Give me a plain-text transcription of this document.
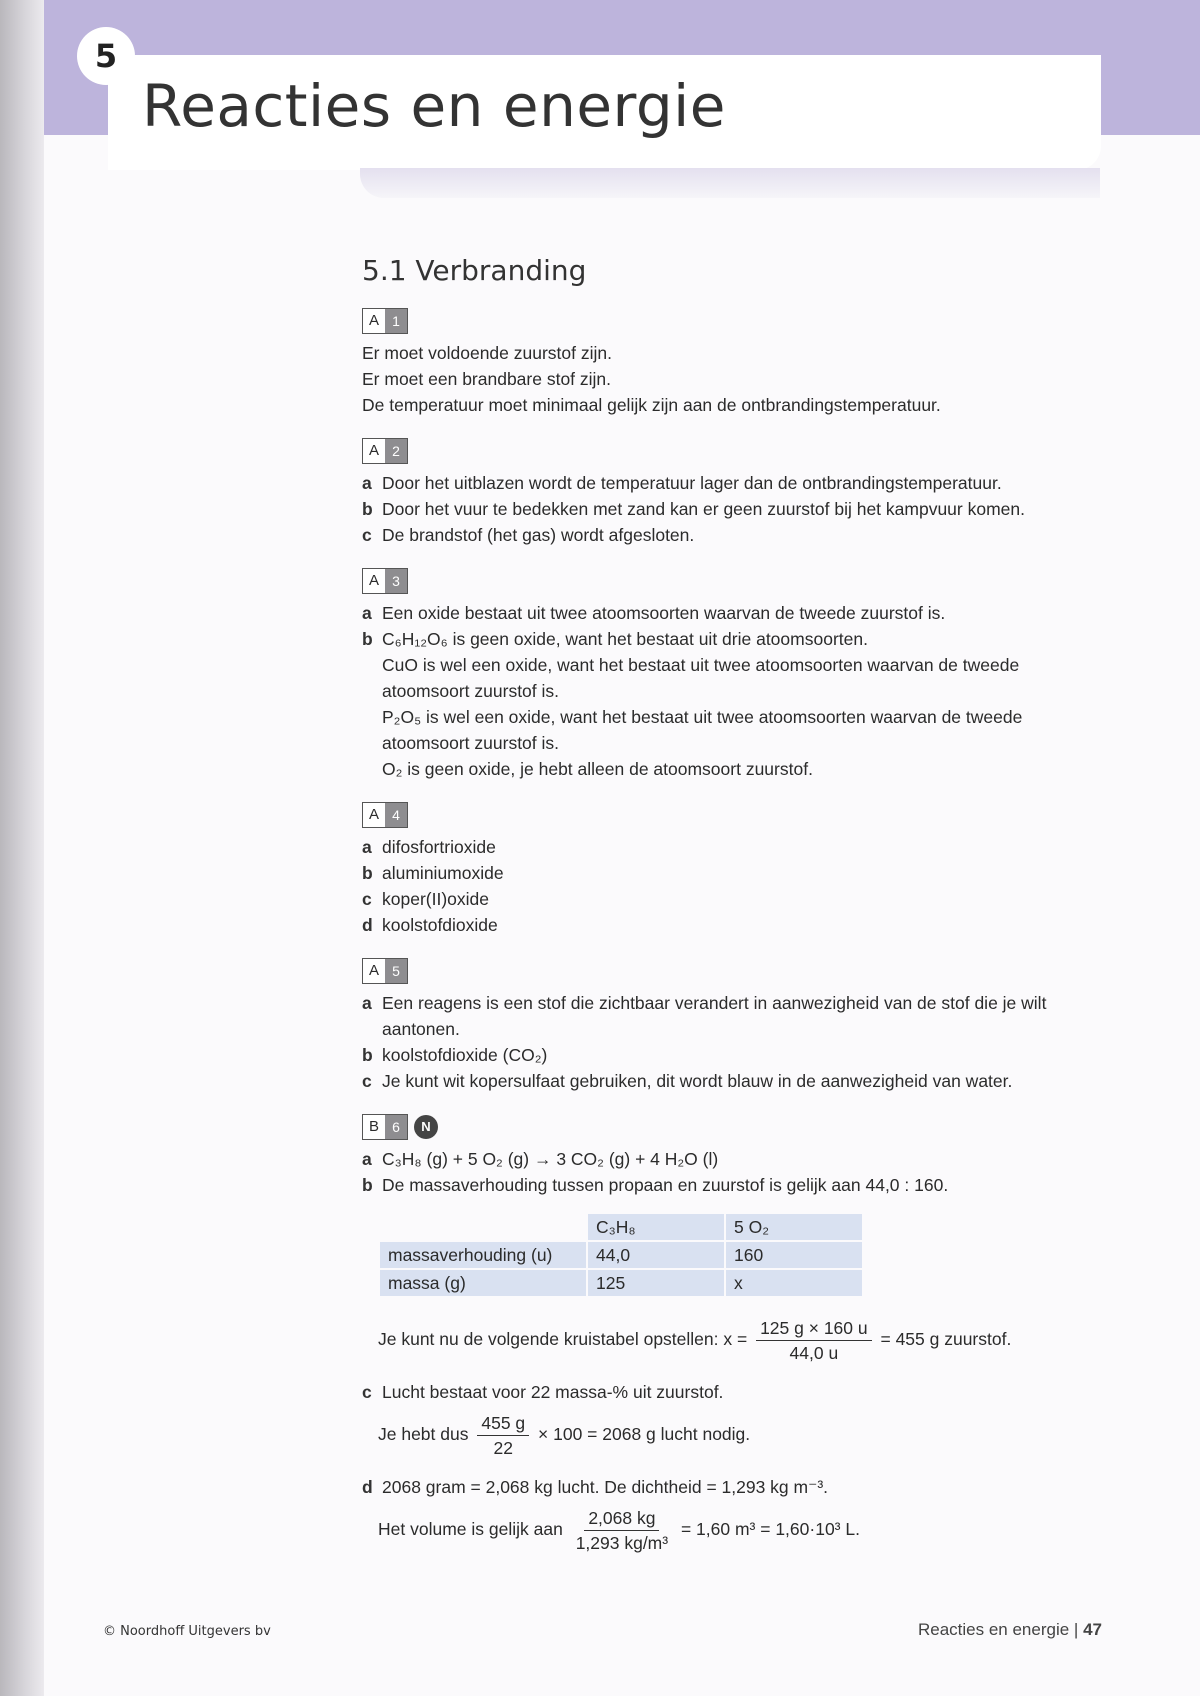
5
Reacties en energie
5.1 Verbranding
A 1
Er moet voldoende zuurstof zijn.
Er moet een brandbare stof zijn.
De temperatuur moet minimaal gelijk zijn aan de ontbrandingstemperatuur.
A 2
a Door het uitblazen wordt de temperatuur lager dan de ontbrandingstemperatuur.
b Door het vuur te bedekken met zand kan er geen zuurstof bij het kampvuur komen.
c De brandstof (het gas) wordt afgesloten.
A 3
a Een oxide bestaat uit twee atoomsoorten waarvan de tweede zuurstof is.
b C₆H₁₂O₆ is geen oxide, want het bestaat uit drie atoomsoorten.
CuO is wel een oxide, want het bestaat uit twee atoomsoorten waarvan de tweede atoomsoort zuurstof is.
P₂O₅ is wel een oxide, want het bestaat uit twee atoomsoorten waarvan de tweede atoomsoort zuurstof is.
O₂ is geen oxide, je hebt alleen de atoomsoort zuurstof.
A 4
a difosfortrioxide
b aluminiumoxide
c koper(II)oxide
d koolstofdioxide
A 5
a Een reagens is een stof die zichtbaar verandert in aanwezigheid van de stof die je wilt aantonen.
b koolstofdioxide (CO₂)
c Je kunt wit kopersulfaat gebruiken, dit wordt blauw in de aanwezigheid van water.
B 6	N
a C₃H₈ (g) + 5 O₂ (g) → 3 CO₂ (g) + 4 H₂O (l)
b De massaverhouding tussen propaan en zuurstof is gelijk aan 44,0 : 160.
	C₃H₈	5 O₂
massaverhouding (u)	44,0	160
massa (g)	125	x
Je kunt nu de volgende kruistabel opstellen: $x = \frac{125 g \times 160 u}{44,0 u} = 455$ g zuurstof.
c Lucht bestaat voor 22 massa-% uit zuurstof.
Je hebt dus $\frac{455 g}{22} \times 100 = 2068$ g lucht nodig.
d 2068 gram = 2,068 kg lucht. De dichtheid = 1,293 kg m⁻³.
Het volume is gelijk aan $\frac{2,068 kg}{\text{1,293 kg/m³}} = 1,60$ m³ = 1,60·10³ L.
© Noordhoff Uitgevers bv	Reacties en energie | 47
